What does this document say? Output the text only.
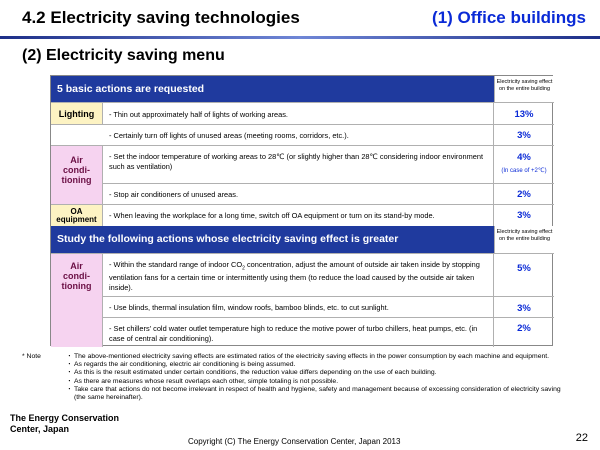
4.2 Electricity saving technologies	(1) Office buildings
(2) Electricity saving menu
5 basic actions are requested
Electricity saving effect on the entire building
- Thin out approximately half of lights of working areas.	13%
- Certainly turn off lights of unused areas (meeting rooms, corridors, etc.).	3%
Lighting
- Set the indoor temperature of working areas to 28℃ (or slightly higher than 28℃ considering indoor environment such as ventilation)
4%
(In case of +2℃)
- Stop air conditioners of unused areas.	2%
Air condi- tioning
- When leaving the workplace for a long time, switch off OA equipment or turn on its stand-by mode.	3%
OA equipment
Study the following actions whose electricity saving effect is greater
Electricity saving effect on the entire building
- Within the standard range of indoor $CO_2$ concentration, adjust the amount of outside air taken inside by stopping ventilation fans for a certain time or intermittently using them (to reduce the load caused by the outside air taken inside).
5%
- Use blinds, thermal insulation film, window roofs, bamboo blinds, etc. to cut sunlight.	3%
- Set chillers' cold water outlet temperature high to reduce the motive power of turbo chillers, heat pumps, etc. (in case of central air conditioning).
2%
Air condi- tioning
* Note
・	The above-mentioned electricity saving effects are estimated ratios of the electricity saving effects in the power consumption by each machine and equipment.
・ As regards the air conditioning, electric air conditioning is being assumed.
・ As this is the result estimated under certain conditions, the reduction value differs depending on the use of each building.
・ As there are measures whose result overlaps each other, simple totaling is not possible.
・ Take care that actions do not become irrelevant in respect of health and hygiene, safety and management because of excessing consideration of electricity saving (the same hereinafter).
The Energy Conservation Center, Japan
Copyright (C) The Energy Conservation Center, Japan 2013	22
